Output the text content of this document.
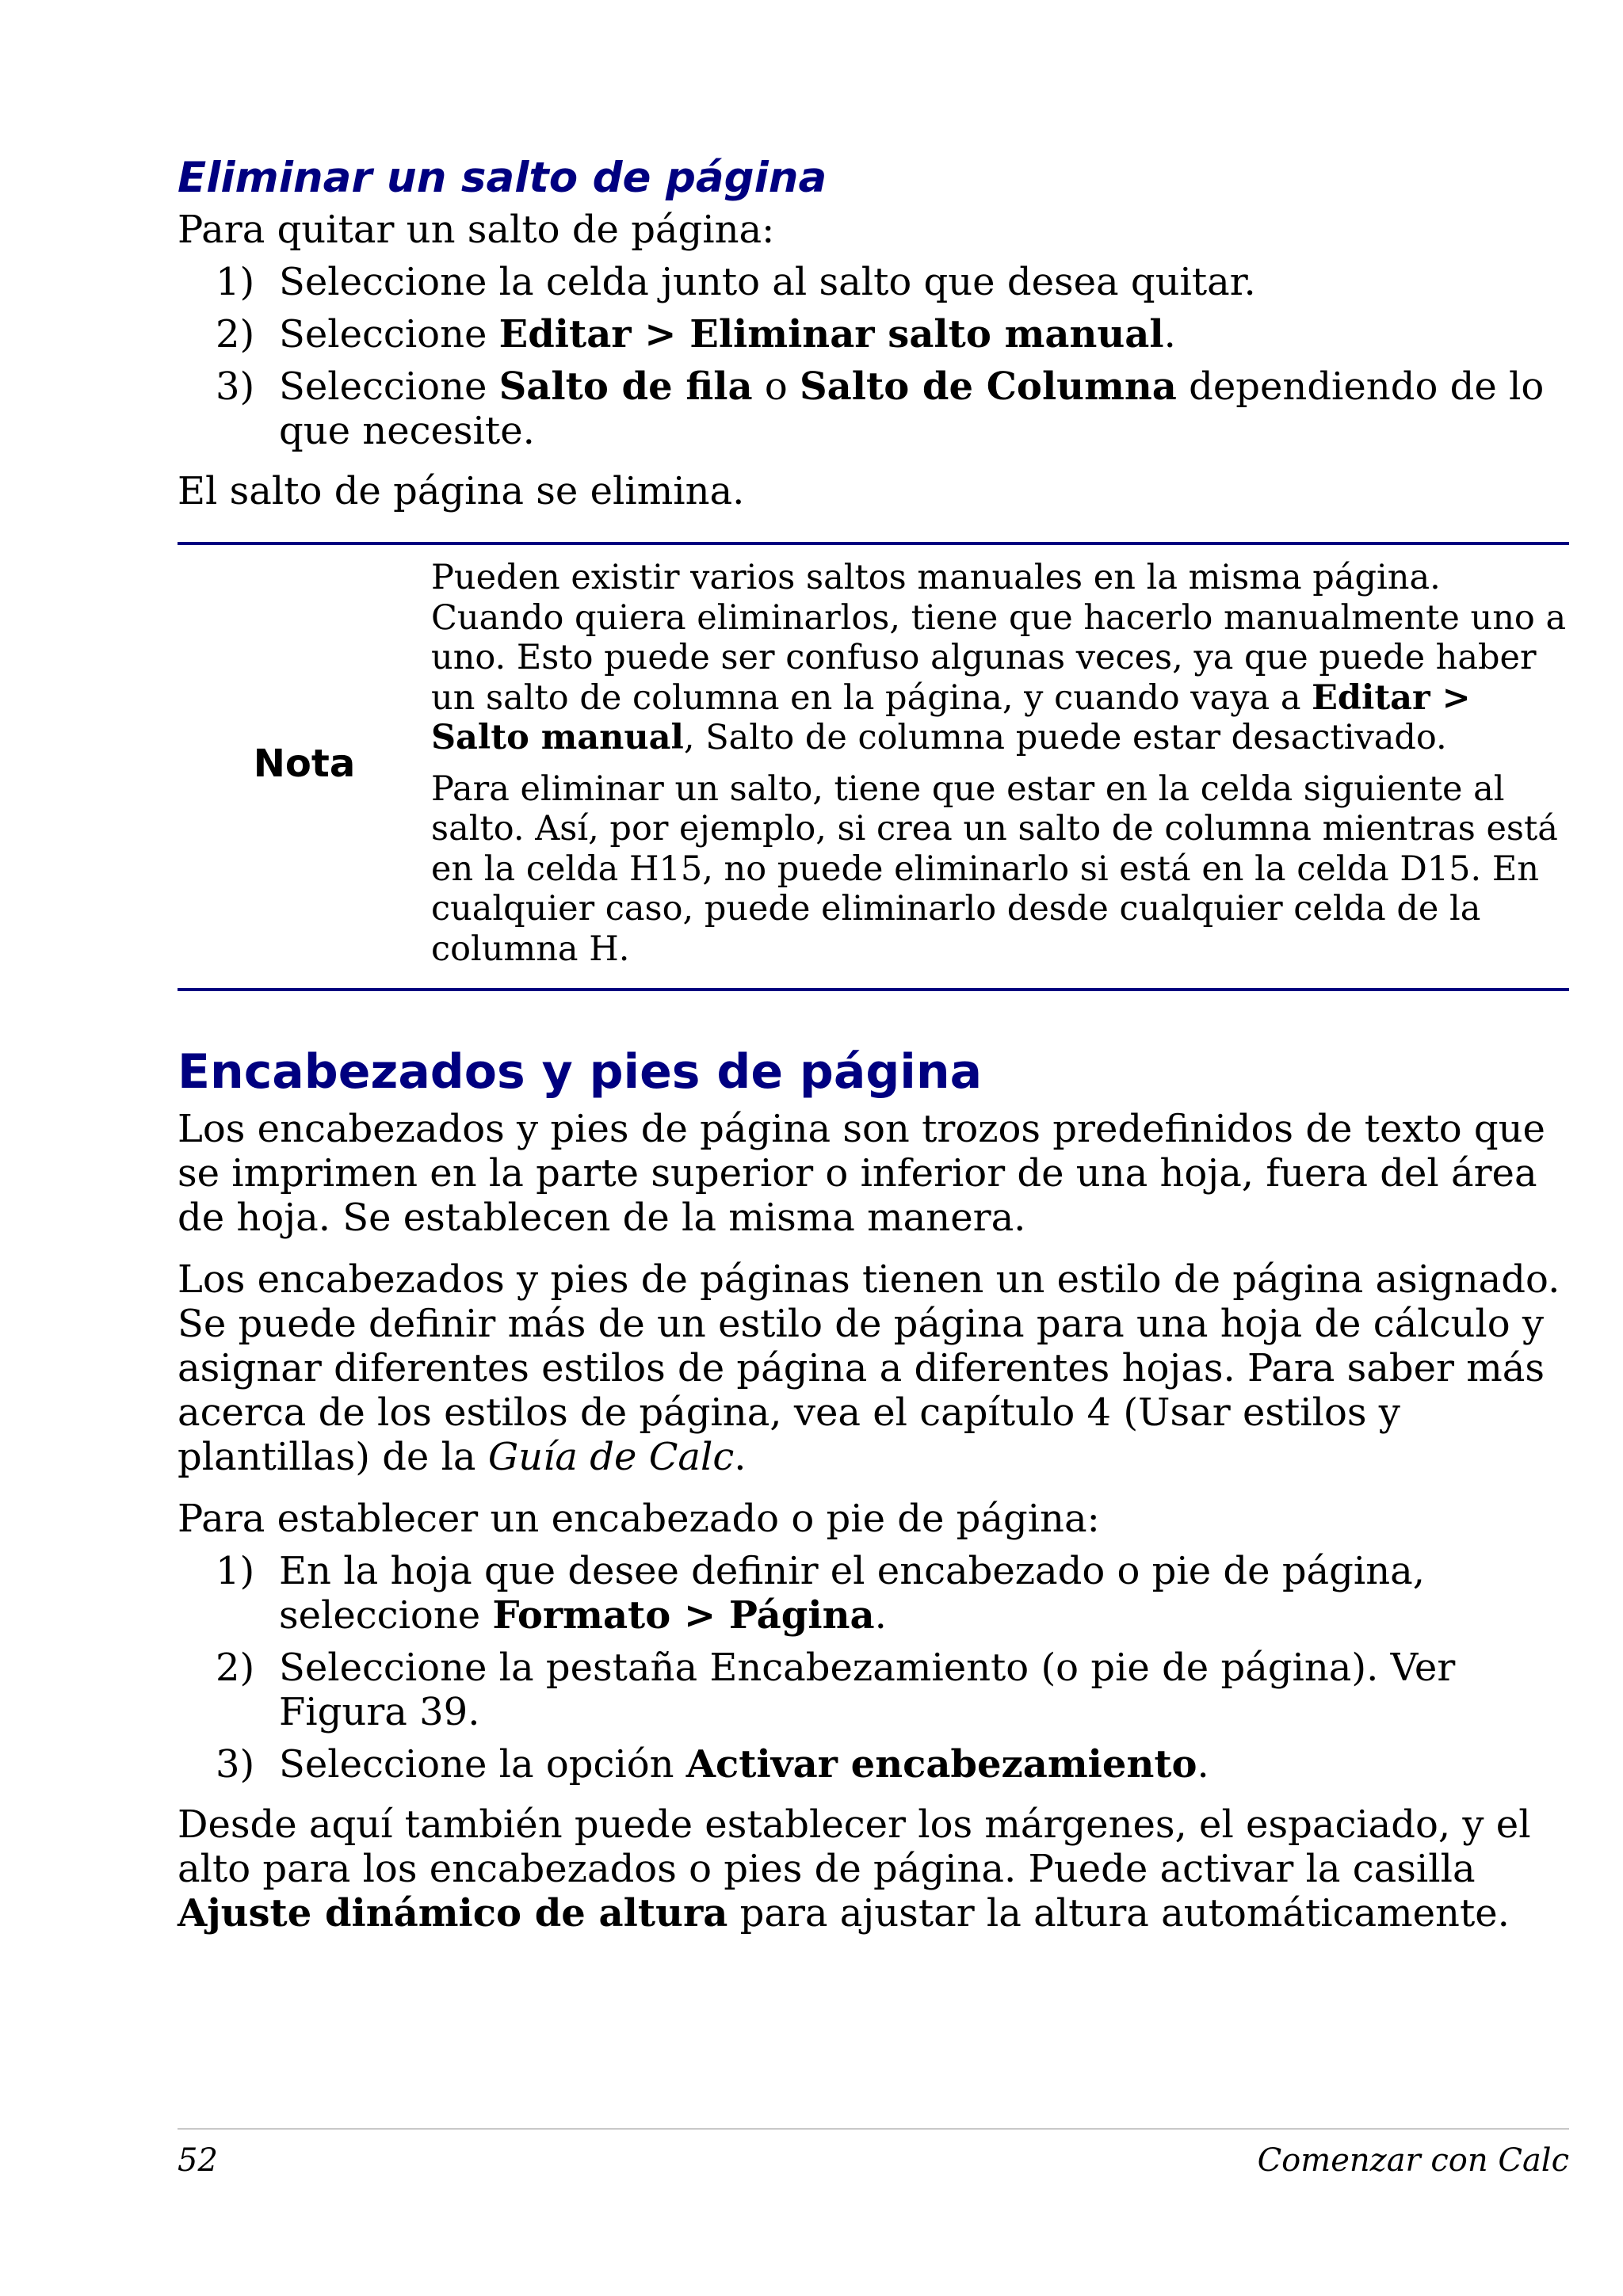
Eliminar un salto de página

Para quitar un salto de página:

1) Seleccione la celda junto al salto que desea quitar.
2) Seleccione Editar > Eliminar salto manual.
3) Seleccione Salto de fila o Salto de Columna dependiendo de lo que necesite.

El salto de página se elimina.

Nota

Pueden existir varios saltos manuales en la misma página. Cuando quiera eliminarlos, tiene que hacerlo manualmente uno a uno. Esto puede ser confuso algunas veces, ya que puede haber un salto de columna en la página, y cuando vaya a Editar > Salto manual, Salto de columna puede estar desactivado.

Para eliminar un salto, tiene que estar en la celda siguiente al salto. Así, por ejemplo, si crea un salto de columna mientras está en la celda H15, no puede eliminarlo si está en la celda D15. En cualquier caso, puede eliminarlo desde cualquier celda de la columna H.

Encabezados y pies de página

Los encabezados y pies de página son trozos predefinidos de texto que se imprimen en la parte superior o inferior de una hoja, fuera del área de hoja. Se establecen de la misma manera.

Los encabezados y pies de páginas tienen un estilo de página asignado. Se puede definir más de un estilo de página para una hoja de cálculo y asignar diferentes estilos de página a diferentes hojas. Para saber más acerca de los estilos de página, vea el capítulo 4 (Usar estilos y plantillas) de la Guía de Calc.

Para establecer un encabezado o pie de página:

1) En la hoja que desee definir el encabezado o pie de página, seleccione Formato > Página.
2) Seleccione la pestaña Encabezamiento (o pie de página). Ver Figura 39.
3) Seleccione la opción Activar encabezamiento.

Desde aquí también puede establecer los márgenes, el espaciado, y el alto para los encabezados o pies de página. Puede activar la casilla Ajuste dinámico de altura para ajustar la altura automáticamente.

52	Comenzar con Calc
